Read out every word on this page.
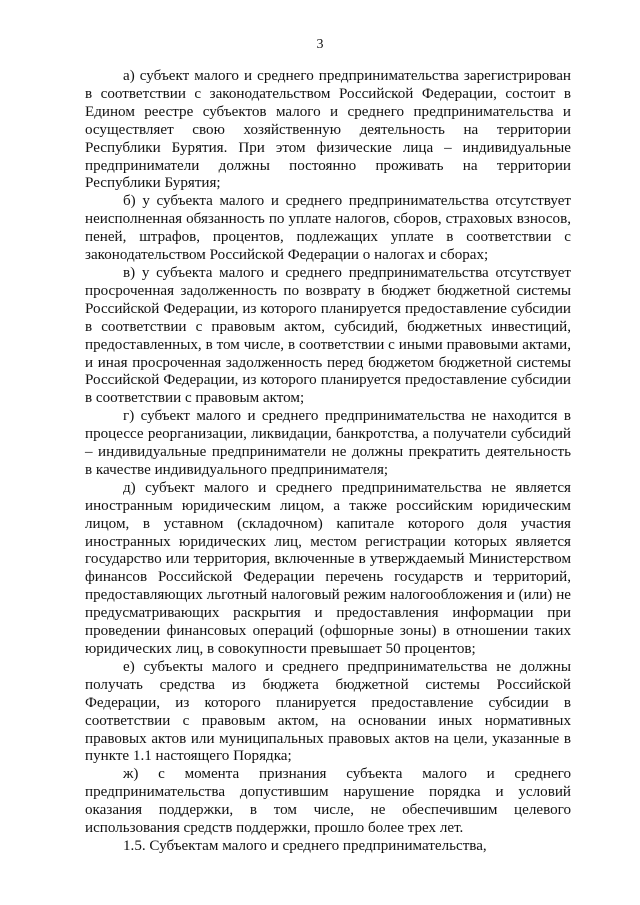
3

а) субъект малого и среднего предпринимательства зарегистрирован в соответствии с законодательством Российской Федерации, состоит в Едином реестре субъектов малого и среднего предпринимательства и осуществляет свою хозяйственную деятельность на территории Республики Бурятия. При этом физические лица – индивидуальные предприниматели должны постоянно проживать на территории Республики Бурятия;

б) у субъекта малого и среднего предпринимательства отсутствует неисполненная обязанность по уплате налогов, сборов, страховых взносов, пеней, штрафов, процентов, подлежащих уплате в соответствии с законодательством Российской Федерации о налогах и сборах;

в) у субъекта малого и среднего предпринимательства отсутствует просроченная задолженность по возврату в бюджет бюджетной системы Российской Федерации, из которого планируется предоставление субсидии в соответствии с правовым актом, субсидий, бюджетных инвестиций, предоставленных, в том числе, в соответствии с иными правовыми актами, и иная просроченная задолженность перед бюджетом бюджетной системы Российской Федерации, из которого планируется предоставление субсидии в соответствии с правовым актом;

г) субъект малого и среднего предпринимательства не находится в процессе реорганизации, ликвидации, банкротства, а получатели субсидий – индивидуальные предприниматели не должны прекратить деятельность в качестве индивидуального предпринимателя;

д) субъект малого и среднего предпринимательства не является иностранным юридическим лицом, а также российским юридическим лицом, в уставном (складочном) капитале которого доля участия иностранных юридических лиц, местом регистрации которых является государство или территория, включенные в утверждаемый Министерством финансов Российской Федерации перечень государств и территорий, предоставляющих льготный налоговый режим налогообложения и (или) не предусматривающих раскрытия и предоставления информации при проведении финансовых операций (офшорные зоны) в отношении таких юридических лиц, в совокупности превышает 50 процентов;

е) субъекты малого и среднего предпринимательства не должны получать средства из бюджета бюджетной системы Российской Федерации, из которого планируется предоставление субсидии в соответствии с правовым актом, на основании иных нормативных правовых актов или муниципальных правовых актов на цели, указанные в пункте 1.1 настоящего Порядка;

ж) с момента признания субъекта малого и среднего предпринимательства допустившим нарушение порядка и условий оказания поддержки, в том числе, не обеспечившим целевого использования средств поддержки, прошло более трех лет.

1.5. Субъектам малого и среднего предпринимательства,
